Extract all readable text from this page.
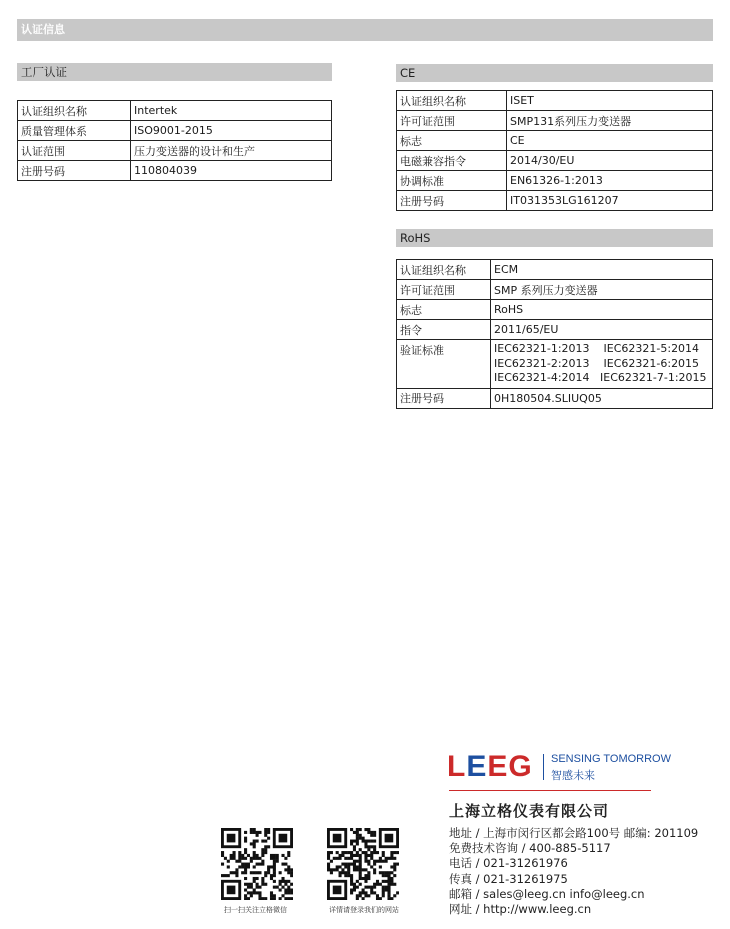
认证信息
工厂认证
认证组织名称	Intertek
质量管理体系	ISO9001-2015
认证范围	压力变送器的设计和生产
注册号码	110804039
CE
认证组织名称	ISET
许可证范围	SMP131系列压力变送器
标志	CE
电磁兼容指令	2014/30/EU
协调标准	EN61326-1:2013
注册号码	IT031353LG161207
RoHS
认证组织名称	ECM
许可证范围	SMP 系列压力变送器
标志	RoHS
指令	2011/65/EU
验证标准	IEC62321-1:2013    IEC62321-5:2014
IEC62321-2:2013    IEC62321-6:2015
IEC62321-4:2014   IEC62321-7-1:2015

注册号码	0H180504.SLIUQ05
LEEG SENSING TOMORROW
智感未来
上海立格仪表有限公司
地址 / 上海市闵行区都会路100号 邮编: 201109
免费技术咨询 / 400-885-5117
电话 / 021-31261976
传真 / 021-31261975
邮箱 / sales@leeg.cn info@leeg.cn
网址 / http://www.leeg.cn
扫一扫关注立格微信	详情请登录我们的网站
